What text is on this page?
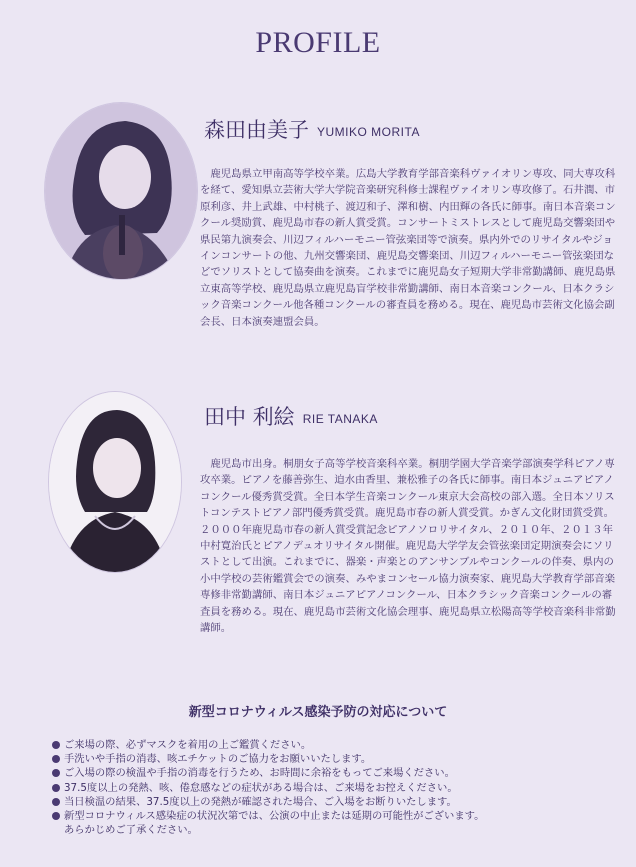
PROFILE
森田由美子 YUMIKO MORITA

　鹿児島県立甲南高等学校卒業。広島大学教育学部音楽科ヴァイオリン専攻、同大専攻科を経て、愛知県立芸術大学大学院音楽研究科修士課程ヴァイオリン専攻修了。石井潤、市原利彦、井上武雄、中村桃子、渡辺和子、澤和樹、内田輝の各氏に師事。南日本音楽コンクール奨励賞、鹿児島市春の新人賞受賞。コンサートミストレスとして鹿児島交響楽団や県民第九演奏会、川辺フィルハーモニー管弦楽団等で演奏。県内外でのリサイタルやジョインコンサートの他、九州交響楽団、鹿児島交響楽団、川辺フィルハーモニー管弦楽団などでソリストとして協奏曲を演奏。これまでに鹿児島女子短期大学非常勤講師、鹿児島県立東高等学校、鹿児島県立鹿児島盲学校非常勤講師、南日本音楽コンクール、日本クラシック音楽コンクール他各種コンクールの審査員を務める。現在、鹿児島市芸術文化協会副会長、日本演奏連盟会員。

田中 利絵 RIE TANAKA

　鹿児島市出身。桐朋女子高等学校音楽科卒業。桐朋学園大学音楽学部演奏学科ピアノ専攻卒業。ピアノを藤善弥生、迫水由香里、兼松雅子の各氏に師事。南日本ジュニアピアノコンクール優秀賞受賞。全日本学生音楽コンクール東京大会高校の部入選。全日本ソリストコンテストピアノ部門優秀賞受賞。鹿児島市春の新人賞受賞。かぎん文化財団賞受賞。２０００年鹿児島市春の新人賞受賞記念ピアノソロリサイタル、２０１０年、２０１３年中村寛治氏とピアノデュオリサイタル開催。鹿児島大学学友会管弦楽団定期演奏会にソリストとして出演。これまでに、器楽・声楽とのアンサンブルやコンクールの伴奏、県内の小中学校の芸術鑑賞会での演奏、みやまコンセール協力演奏家、鹿児島大学教育学部音楽専修非常勤講師、南日本ジュニアピアノコンクール、日本クラシック音楽コンクールの審査員を務める。現在、鹿児島市芸術文化協会理事、鹿児島県立松陽高等学校音楽科非常勤講師。

新型コロナウィルス感染予防の対応について
ご来場の際、必ずマスクを着用の上ご鑑賞ください。
手洗いや手指の消毒、咳エチケットのご協力をお願いいたします。
ご入場の際の検温や手指の消毒を行うため、お時間に余裕をもってご来場ください。
37.5度以上の発熱、咳、倦怠感などの症状がある場合は、ご来場をお控えください。
当日検温の結果、37.5度以上の発熱が確認された場合、ご入場をお断りいたします。
新型コロナウィルス感染症の状況次第では、公演の中止または延期の可能性がございます。
あらかじめご了承ください。
